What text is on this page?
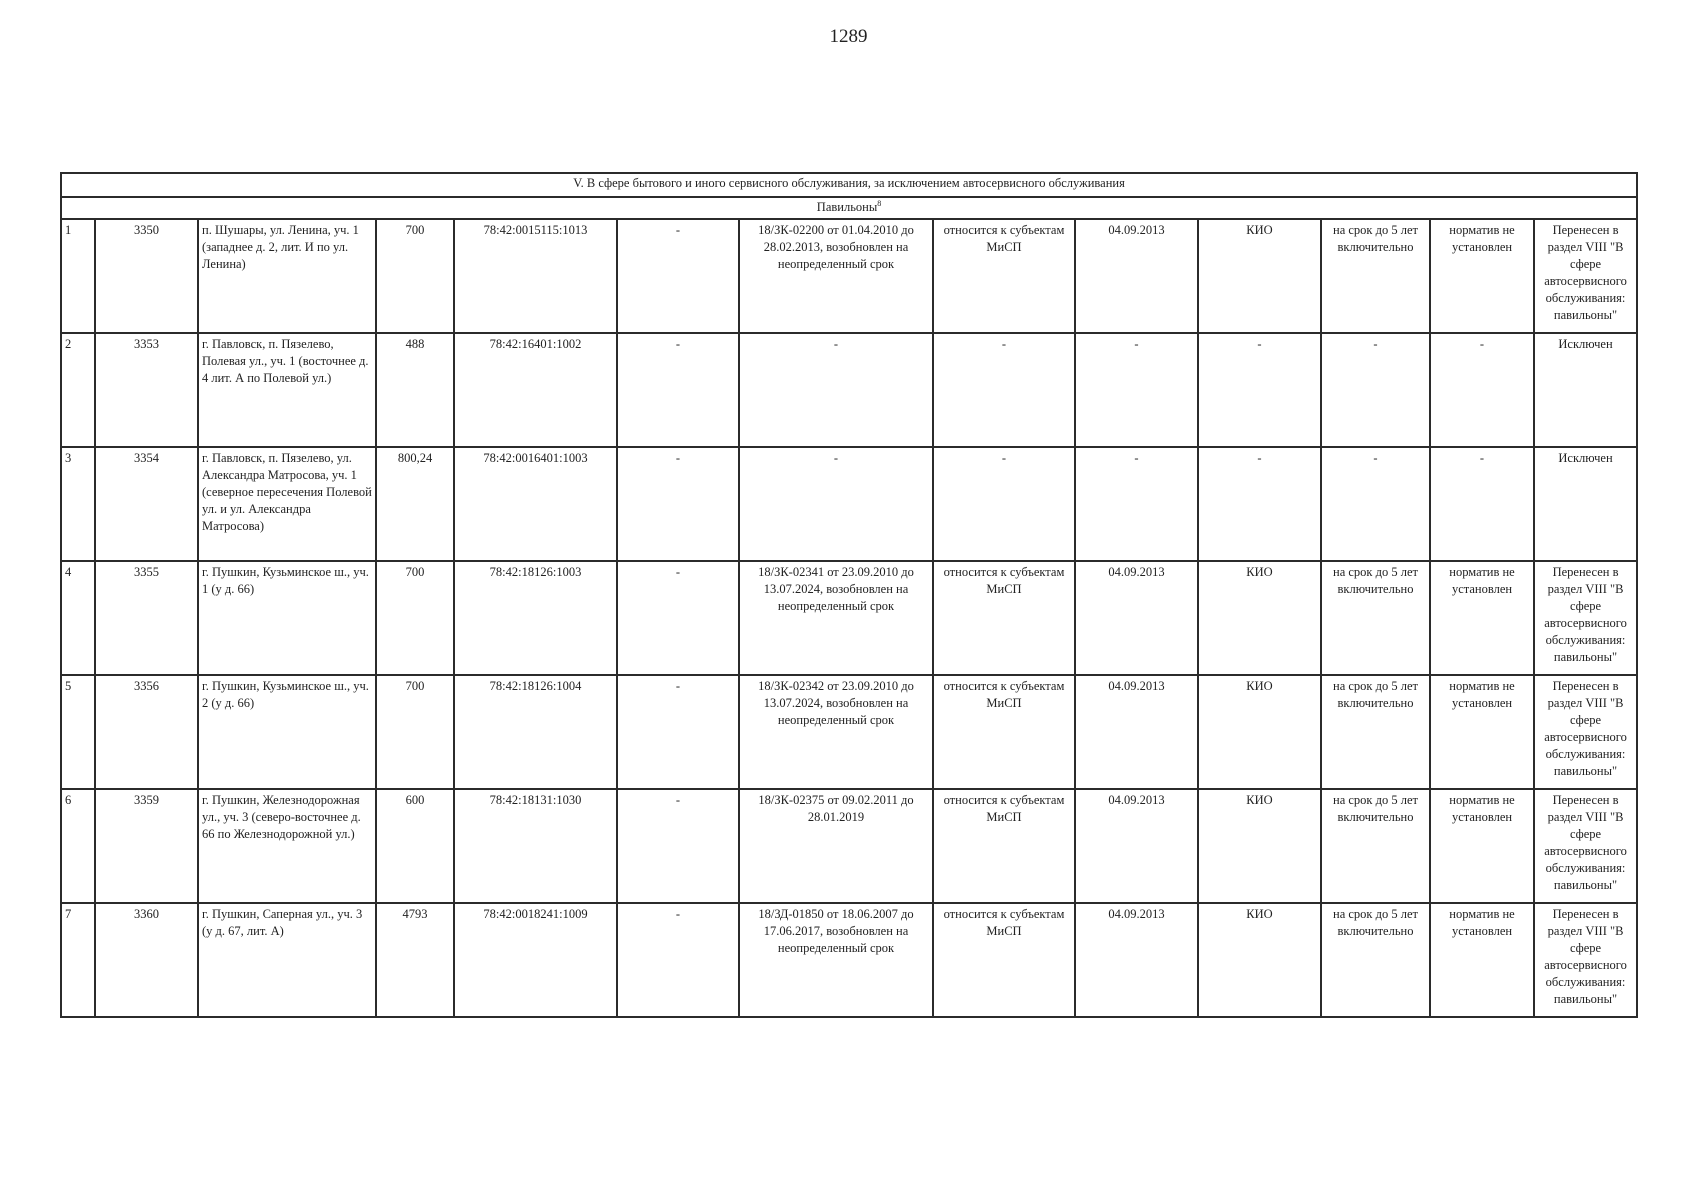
1289
V. В сфере бытового и иного сервисного обслуживания, за исключением автосервисного обслуживания												
Павильоны$^8$
1	3350	п. Шушары, ул. Ленина, уч. 1 (западнее д. 2, лит. И по ул. Ленина)	700	78:42:0015115:1013	-	18/ЗК-02200 от 01.04.2010 до 28.02.2013, возобновлен на неопределенный срок	относится к субъектам МиСП	04.09.2013	КИО	на срок до 5 лет включительно	норматив не установлен	Перенесен в раздел VIII "В сфере автосервисного обслуживания: павильоны"
2	3353	г. Павловск, п. Пязелево, Полевая ул., уч. 1 (восточнее д. 4 лит. А по Полевой ул.)	488	78:42:16401:1002	-	-	-	-	-	-	-	Исключен
3	3354	г. Павловск, п. Пязелево, ул. Александра Матросова, уч. 1 (северное пересечения Полевой ул. и ул. Александра Матросова)	800,24	78:42:0016401:1003	-	-	-	-	-	-	-	Исключен
4	3355	г. Пушкин, Кузьминское ш., уч. 1 (у д. 66)	700	78:42:18126:1003	-	18/ЗК-02341 от 23.09.2010 до 13.07.2024, возобновлен на неопределенный срок	относится к субъектам МиСП	04.09.2013	КИО	на срок до 5 лет включительно	норматив не установлен	Перенесен в раздел VIII "В сфере автосервисного обслуживания: павильоны"
5	3356	г. Пушкин, Кузьминское ш., уч. 2 (у д. 66)	700	78:42:18126:1004	-	18/ЗК-02342 от 23.09.2010 до 13.07.2024, возобновлен на неопределенный срок	относится к субъектам МиСП	04.09.2013	КИО	на срок до 5 лет включительно	норматив не установлен	Перенесен в раздел VIII "В сфере автосервисного обслуживания: павильоны"
6	3359	г. Пушкин, Железнодорожная ул., уч. 3 (северо-восточнее д. 66 по Железнодорожной ул.)	600	78:42:18131:1030	-	18/ЗК-02375 от 09.02.2011 до 28.01.2019	относится к субъектам МиСП	04.09.2013	КИО	на срок до 5 лет включительно	норматив не установлен	Перенесен в раздел VIII "В сфере автосервисного обслуживания: павильоны"
7	3360	г. Пушкин, Саперная ул., уч. 3 (у д. 67, лит. А)	4793	78:42:0018241:1009	-	18/ЗД-01850 от 18.06.2007 до 17.06.2017, возобновлен на неопределенный срок	относится к субъектам МиСП	04.09.2013	КИО	на срок до 5 лет включительно	норматив не установлен	Перенесен в раздел VIII "В сфере автосервисного обслуживания: павильоны"
